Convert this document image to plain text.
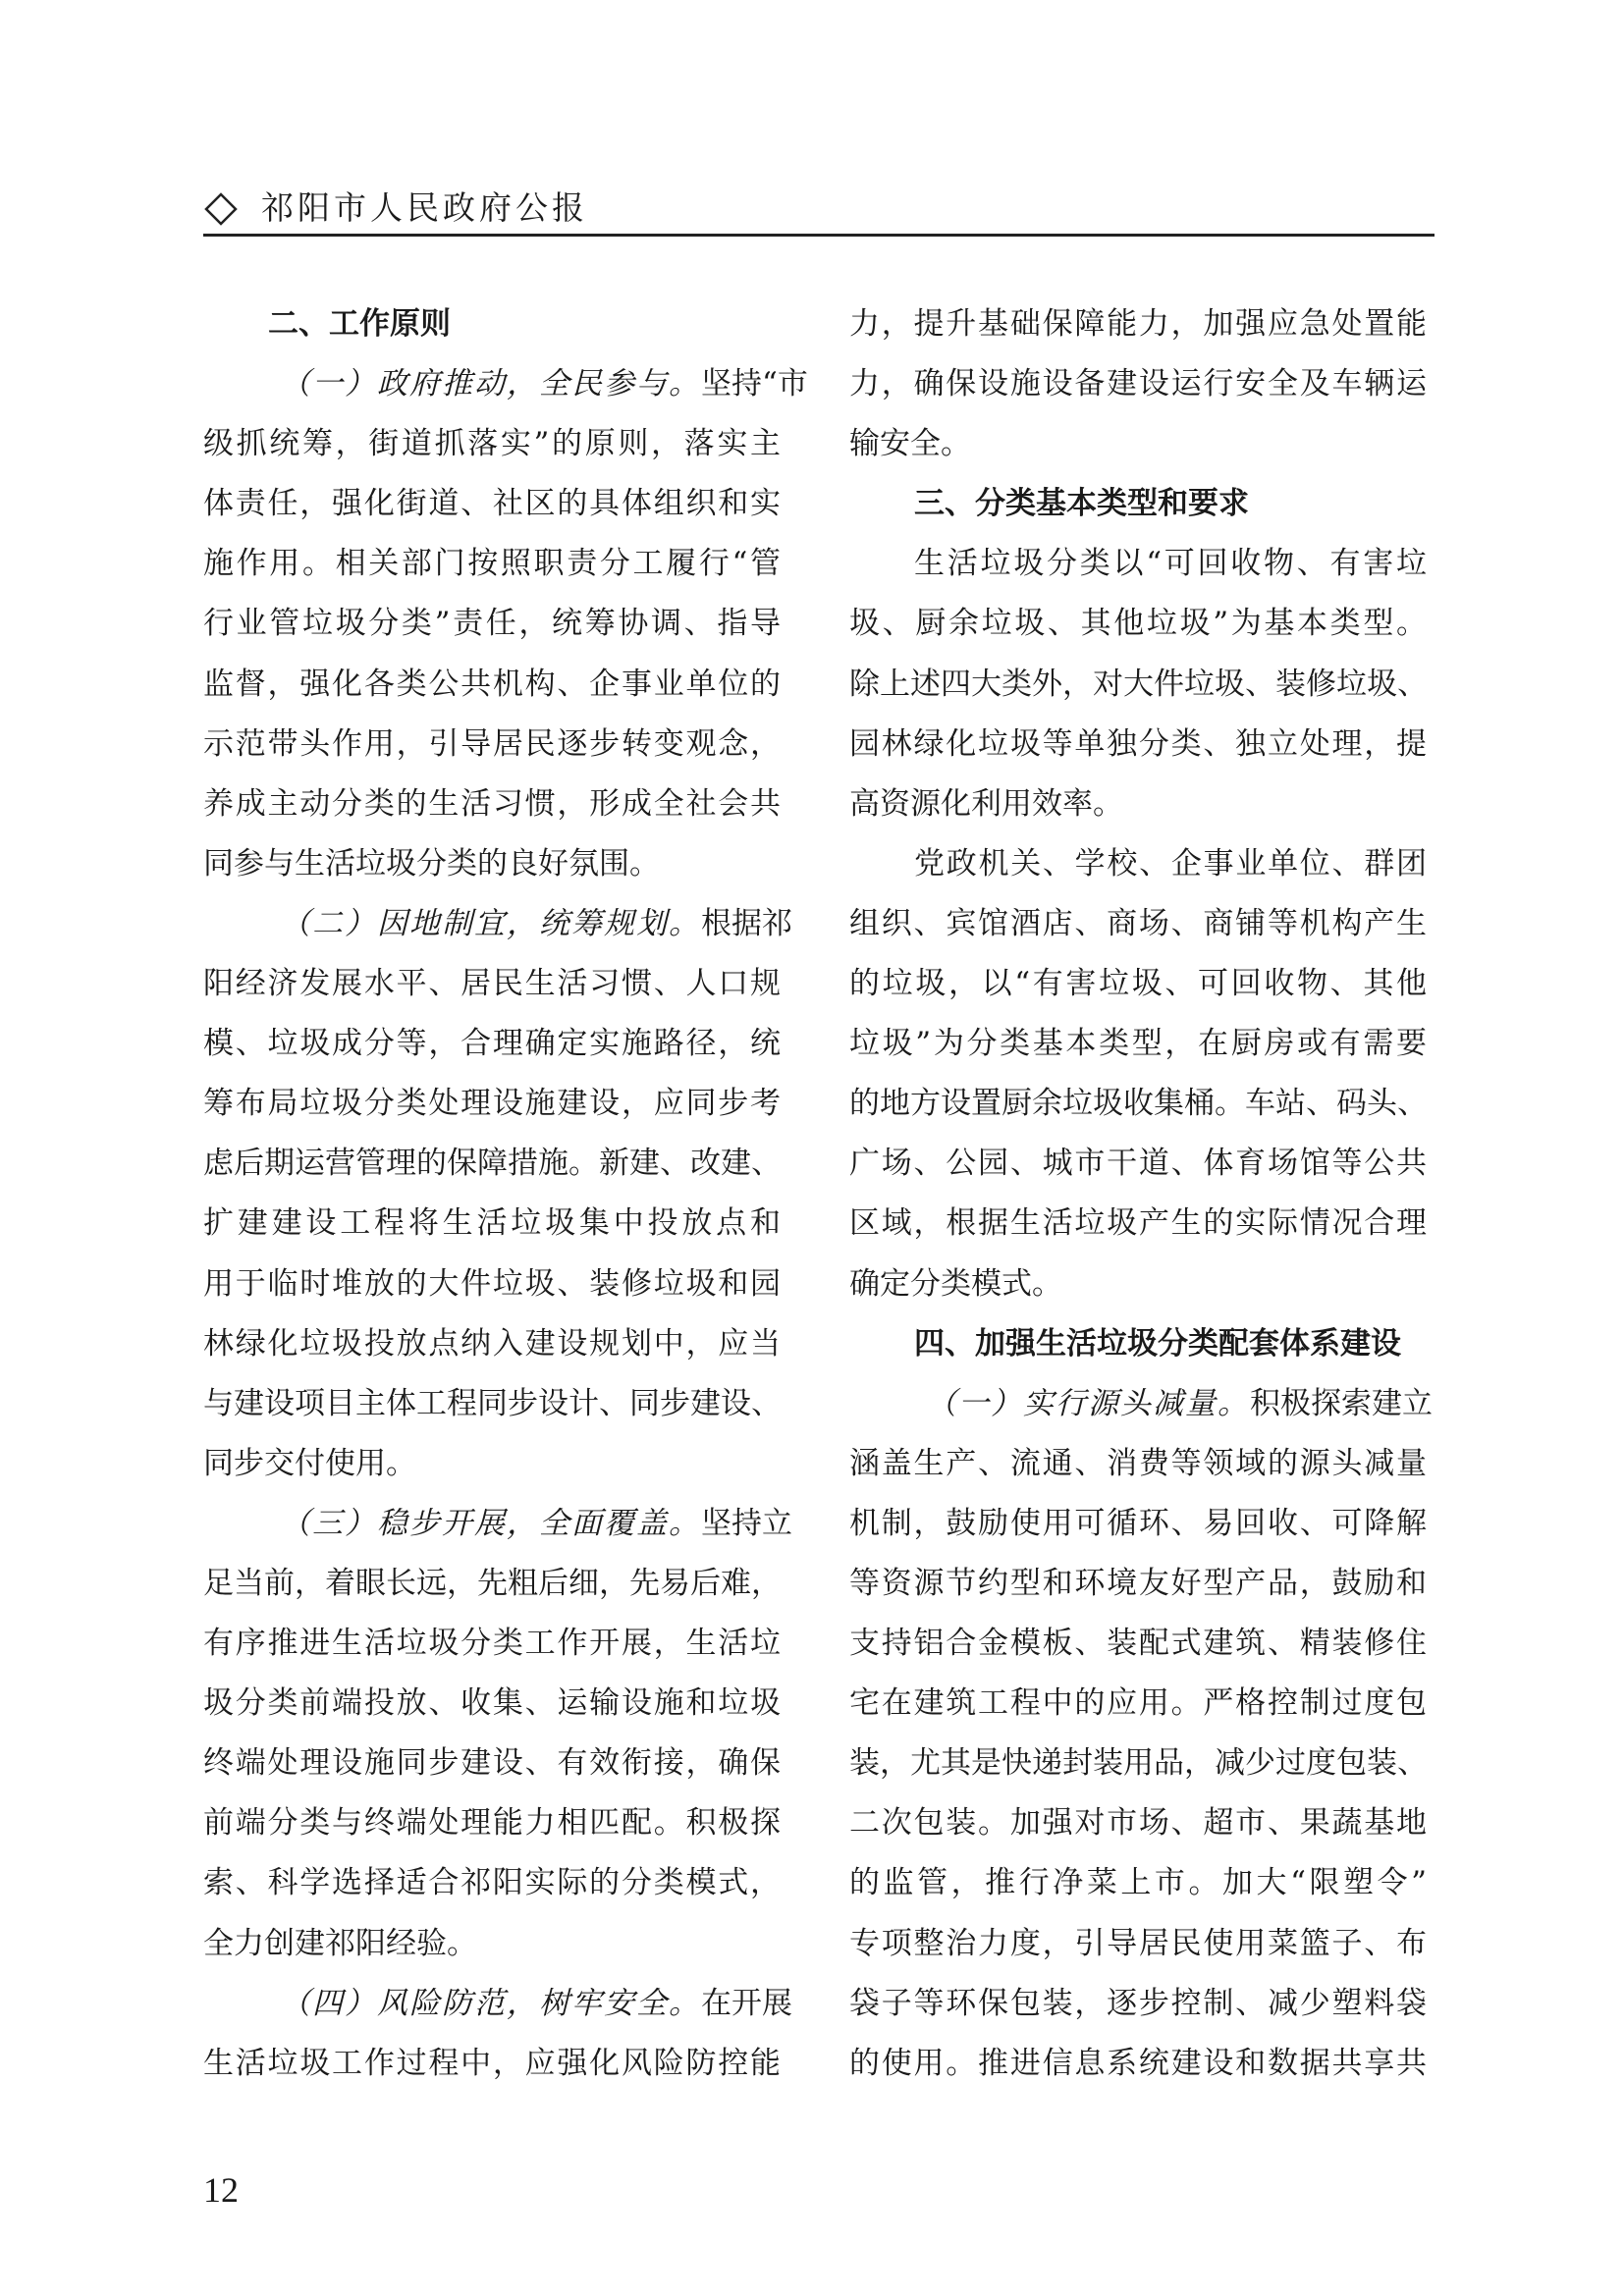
祁阳市人民政府公报
二、工作原则
（一）政府推动，全民参与。坚持“市
级抓统筹，街道抓落实”的原则，落实主
体责任，强化街道、社区的具体组织和实
施作用。相关部门按照职责分工履行“管
行业管垃圾分类”责任，统筹协调、指导
监督，强化各类公共机构、企事业单位的
示范带头作用，引导居民逐步转变观念，
养成主动分类的生活习惯，形成全社会共
同参与生活垃圾分类的良好氛围。
（二）因地制宜，统筹规划。根据祁
阳经济发展水平、居民生活习惯、人口规
模、垃圾成分等，合理确定实施路径，统
筹布局垃圾分类处理设施建设，应同步考
虑后期运营管理的保障措施。新建、改建、
扩建建设工程将生活垃圾集中投放点和
用于临时堆放的大件垃圾、装修垃圾和园
林绿化垃圾投放点纳入建设规划中，应当
与建设项目主体工程同步设计、同步建设、
同步交付使用。
（三）稳步开展，全面覆盖。坚持立
足当前，着眼长远，先粗后细，先易后难，
有序推进生活垃圾分类工作开展，生活垃
圾分类前端投放、收集、运输设施和垃圾
终端处理设施同步建设、有效衔接，确保
前端分类与终端处理能力相匹配。积极探
索、科学选择适合祁阳实际的分类模式，
全力创建祁阳经验。
（四）风险防范，树牢安全。在开展
生活垃圾工作过程中，应强化风险防控能
力，提升基础保障能力，加强应急处置能
力，确保设施设备建设运行安全及车辆运
输安全。
三、分类基本类型和要求
生活垃圾分类以“可回收物、有害垃
圾、厨余垃圾、其他垃圾”为基本类型。
除上述四大类外，对大件垃圾、装修垃圾、
园林绿化垃圾等单独分类、独立处理，提
高资源化利用效率。
党政机关、学校、企事业单位、群团
组织、宾馆酒店、商场、商铺等机构产生
的垃圾，以“有害垃圾、可回收物、其他
垃圾”为分类基本类型，在厨房或有需要
的地方设置厨余垃圾收集桶。车站、码头、
广场、公园、城市干道、体育场馆等公共
区域，根据生活垃圾产生的实际情况合理
确定分类模式。
四、加强生活垃圾分类配套体系建设
（一）实行源头减量。积极探索建立
涵盖生产、流通、消费等领域的源头减量
机制，鼓励使用可循环、易回收、可降解
等资源节约型和环境友好型产品，鼓励和
支持铝合金模板、装配式建筑、精装修住
宅在建筑工程中的应用。严格控制过度包
装，尤其是快递封装用品，减少过度包装、
二次包装。加强对市场、超市、果蔬基地
的监管，推行净菜上市。加大“限塑令”
专项整治力度，引导居民使用菜篮子、布
袋子等环保包装，逐步控制、减少塑料袋
的使用。推进信息系统建设和数据共享共
12
